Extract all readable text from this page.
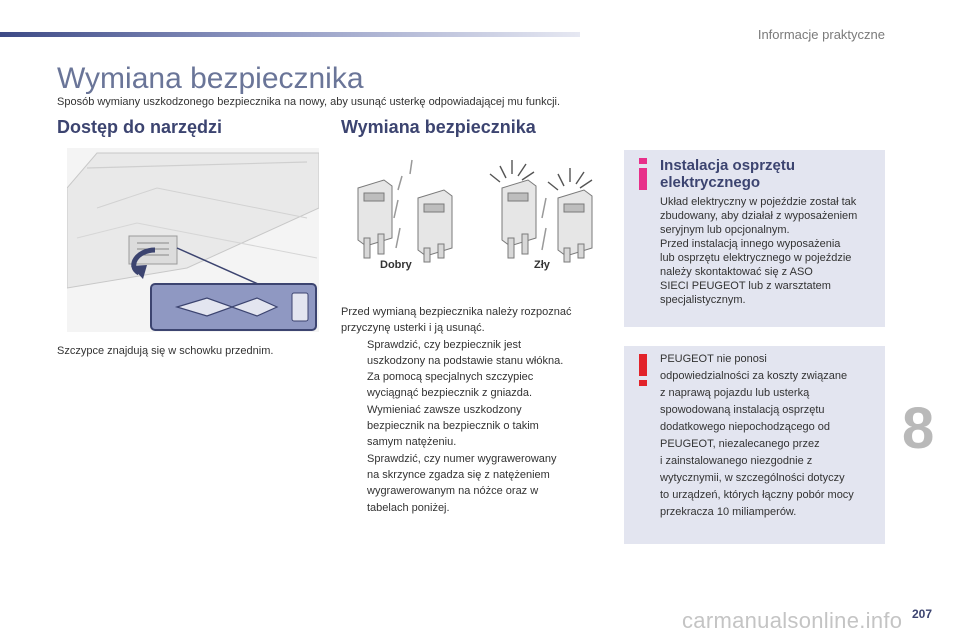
Informacje praktyczne
Wymiana bezpiecznika
Sposób wymiany uszkodzonego bezpiecznika na nowy, aby usunąć usterkę odpowiadającej mu funkcji.
Dostęp do narzędzi	Wymiana bezpiecznika
Szczypce znajdują się w schowku przednim.
Dobry	Zły

Przed wymianą bezpiecznika należy rozpoznać

przyczynę usterki i ją usunąć.

Sprawdzić, czy bezpiecznik jest
uszkodzony na podstawie stanu włókna.
Za pomocą specjalnych szczypiec
wyciągnąć bezpiecznik z gniazda.
Wymieniać zawsze uszkodzony
bezpiecznik na bezpiecznik o takim
samym natężeniu.
Sprawdzić, czy numer wygrawerowany
na skrzynce zgadza się z natężeniem
wygrawerowanym na nóżce oraz w
tabelach poniżej.
Instalacja osprzętu
elektrycznego
Układ elektryczny w pojeździe został tak
zbudowany, aby działał z wyposażeniem
seryjnym lub opcjonalnym.
Przed instalacją innego wyposażenia
lub osprzętu elektrycznego w pojeździe
należy skontaktować się z ASO
SIECI PEUGEOT lub z warsztatem
specjalistycznym.
PEUGEOT nie ponosi
odpowiedzialności za koszty związane
z naprawą pojazdu lub usterką
spowodowaną instalacją osprzętu
dodatkowego niepochodzącego od
PEUGEOT, niezalecanego przez
i zainstalowanego niezgodnie z
wytycznymii, w szczególności dotyczy
to urządzeń, których łączny pobór mocy
przekracza 10 miliamperów.
8
carmanualsonline.info 207
